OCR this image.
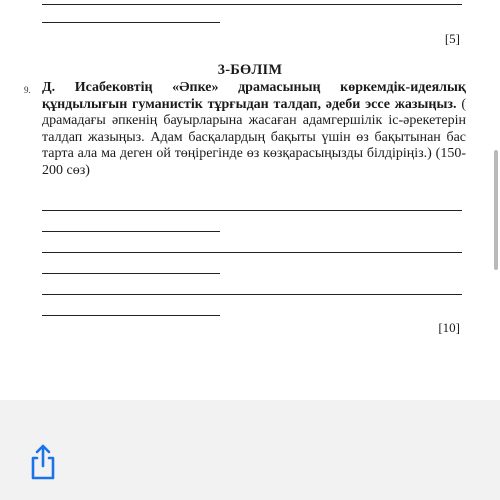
[5]
3-БӨЛІМ
9. Д. Исабековтің «Әпке» драмасының көркемдік-идеялық құндылығын гуманистік тұрғыдан талдап, әдеби эссе жазыңыз. ( драмадағы әпкенің бауырларына жасаған адамгершілік іс-әрекетерін талдап жазыңыз. Адам басқалардың бақыты үшін өз бақытынан бас тарта ала ма деген ой төңірегінде өз көзқарасыңызды білдіріңіз.) (150-200 сөз)
[10]
